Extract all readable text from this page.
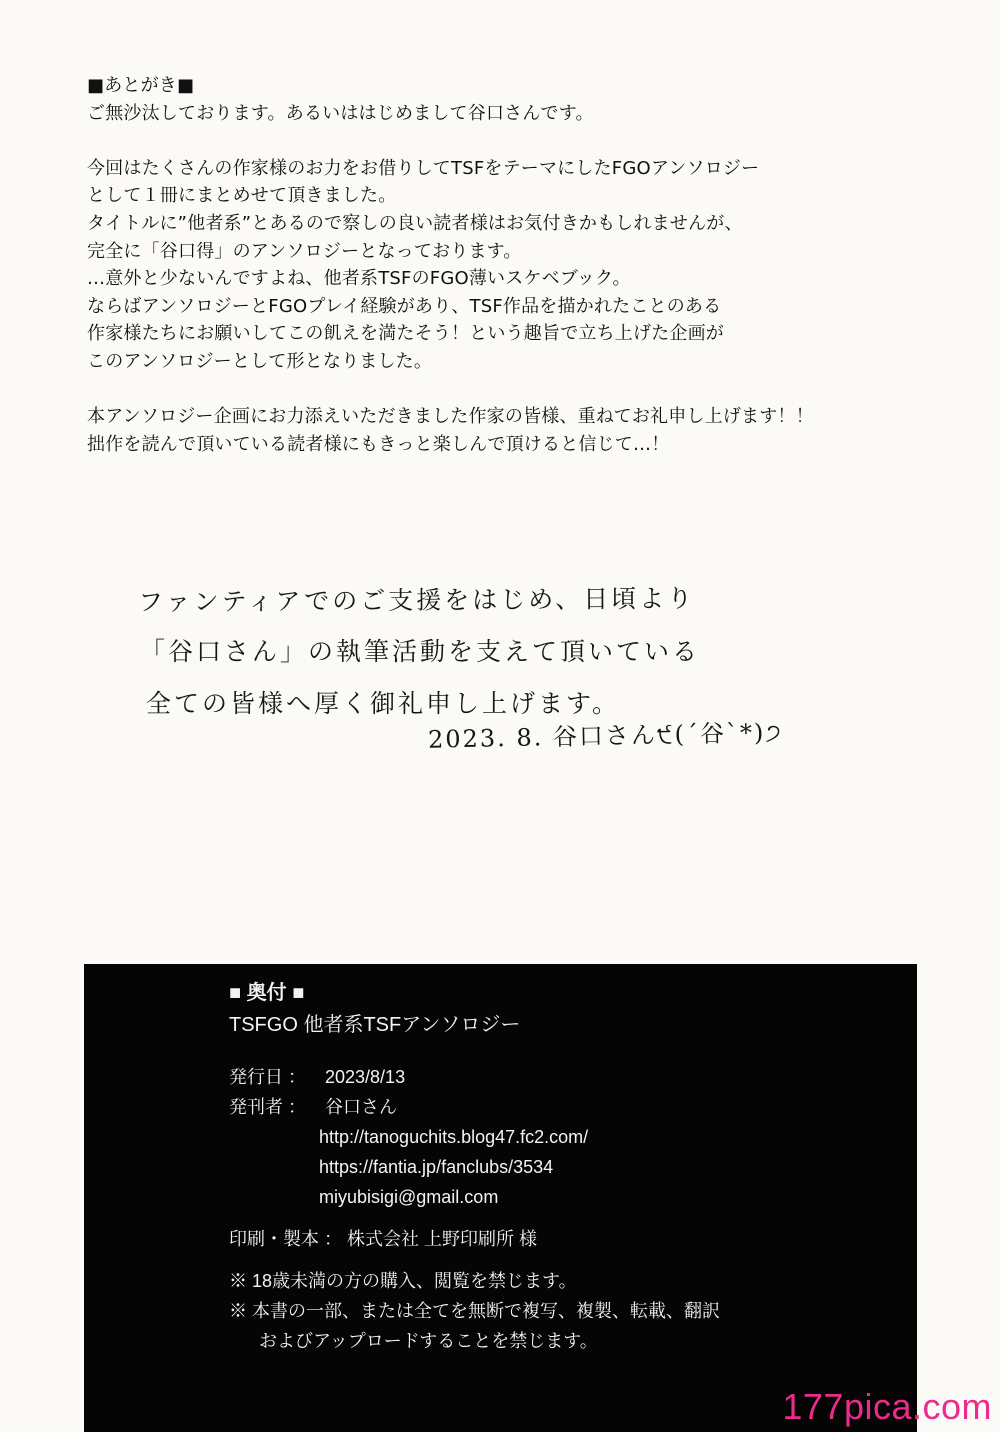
■あとがき■
ご無沙汰しております。あるいははじめまして谷口さんです。
今回はたくさんの作家様のお力をお借りしてTSFをテーマにしたFGOアンソロジー
として１冊にまとめせて頂きました。
タイトルに”他者系”とあるので察しの良い読者様はお気付きかもしれませんが、
完全に「谷口得」のアンソロジーとなっております。
…意外と少ないんですよね、他者系TSFのFGO薄いスケベブック。
ならばアンソロジーとFGOプレイ経験があり、TSF作品を描かれたことのある
作家様たちにお願いしてこの飢えを満たそう！という趣旨で立ち上げた企画が
このアンソロジーとして形となりました。
本アンソロジー企画にお力添えいただきました作家の皆様、重ねてお礼申し上げます！！
拙作を読んで頂いている読者様にもきっと楽しんで頂けると信じて…！
ファンティアでのご支援をはじめ、日頃より
「谷口さん」の執筆活動を支えて頂いている
全ての皆様へ厚く御礼申し上げます。
2023. 8. 谷口さん੯(´谷`*)੭
■ 奥付 ■
TSFGO 他者系TSFアンソロジー
発行日 ： 2023/8/13
発刊者 ： 谷口さん
http://tanoguchits.blog47.fc2.com/
https://fantia.jp/fanclubs/3534
miyubisigi@gmail.com
印刷・製本 ： 株式会社 上野印刷所 様
※ 18歳未満の方の購入、閲覧を禁じます。
※ 本書の一部、または全てを無断で複写、複製、転載、翻訳
およびアップロードすることを禁じます。
177pica.com
